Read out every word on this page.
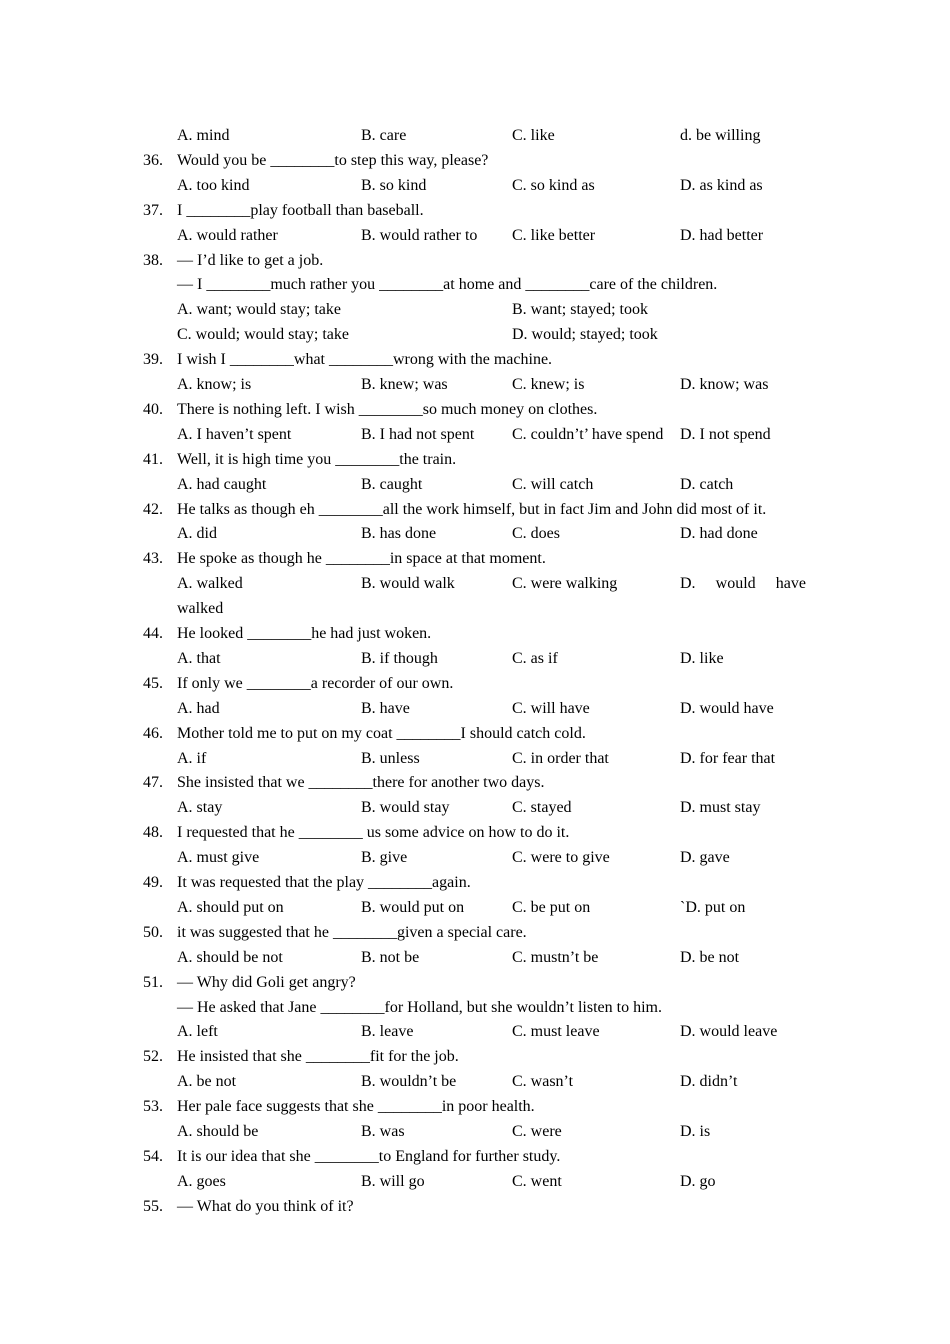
A. mind	B. care	C. like	d. be willing
36. Would you be ________to step this way, please?
A. too kind	B. so kind	C. so kind as	D. as kind as
37. I ________play football than baseball.
A. would rather	B. would rather to C. like better	D. had better
38. — I’d like to get a job.
— I ________much rather you ________at home and ________care of the children.
A. want; would stay; take	B. want; stayed; took
C. would; would stay; take	D. would; stayed; took
39. I wish I ________what ________wrong with the machine.
A. know; is	B. knew; was	C. knew; is	D. know; was
40. There is nothing left. I wish ________so much money on clothes.
A. I haven’t spent	B. I had not spent C. couldn’t’ have spend D. I not spend
41. Well, it is high time you ________the train.
A. had caught	B. caught	C. will catch	D. catch
42. He talks as though eh ________all the work himself, but in fact Jim and John did most of it.
A. did	B. has done	C. does	D. had done
43. He spoke as though he ________in space at that moment.
A. walked	B. would walk	C. were walking	D. would have
walked
44. He looked ________he had just woken.
A. that	B. if though	C. as if	D. like
45. If only we ________a recorder of our own.
A. had	B. have	C. will have	D. would have
46. Mother told me to put on my coat ________I should catch cold.
A. if	B. unless	C. in order that	D. for fear that
47. She insisted that we ________there for another two days.
A. stay	B. would stay	C. stayed	D. must stay
48. I requested that he ________ us some advice on how to do it.
A. must give	B. give	C. were to give	D. gave
49. It was requested that the play ________again.
A. should put on	B. would put on	C. be put on	`D. put on
50. it was suggested that he ________given a special care.
A. should be not	B. not be	C. mustn’t be	D. be not
51. — Why did Goli get angry?
— He asked that Jane ________for Holland, but she wouldn’t listen to him.
A. left	B. leave	C. must leave	D. would leave
52. He insisted that she ________fit for the job.
A. be not	B. wouldn’t be	C. wasn’t	D. didn’t
53. Her pale face suggests that she ________in poor health.
A. should be	B. was	C. were	D. is
54. It is our idea that she ________to England for further study.
A. goes	B. will go	C. went	D. go
55. — What do you think of it?
